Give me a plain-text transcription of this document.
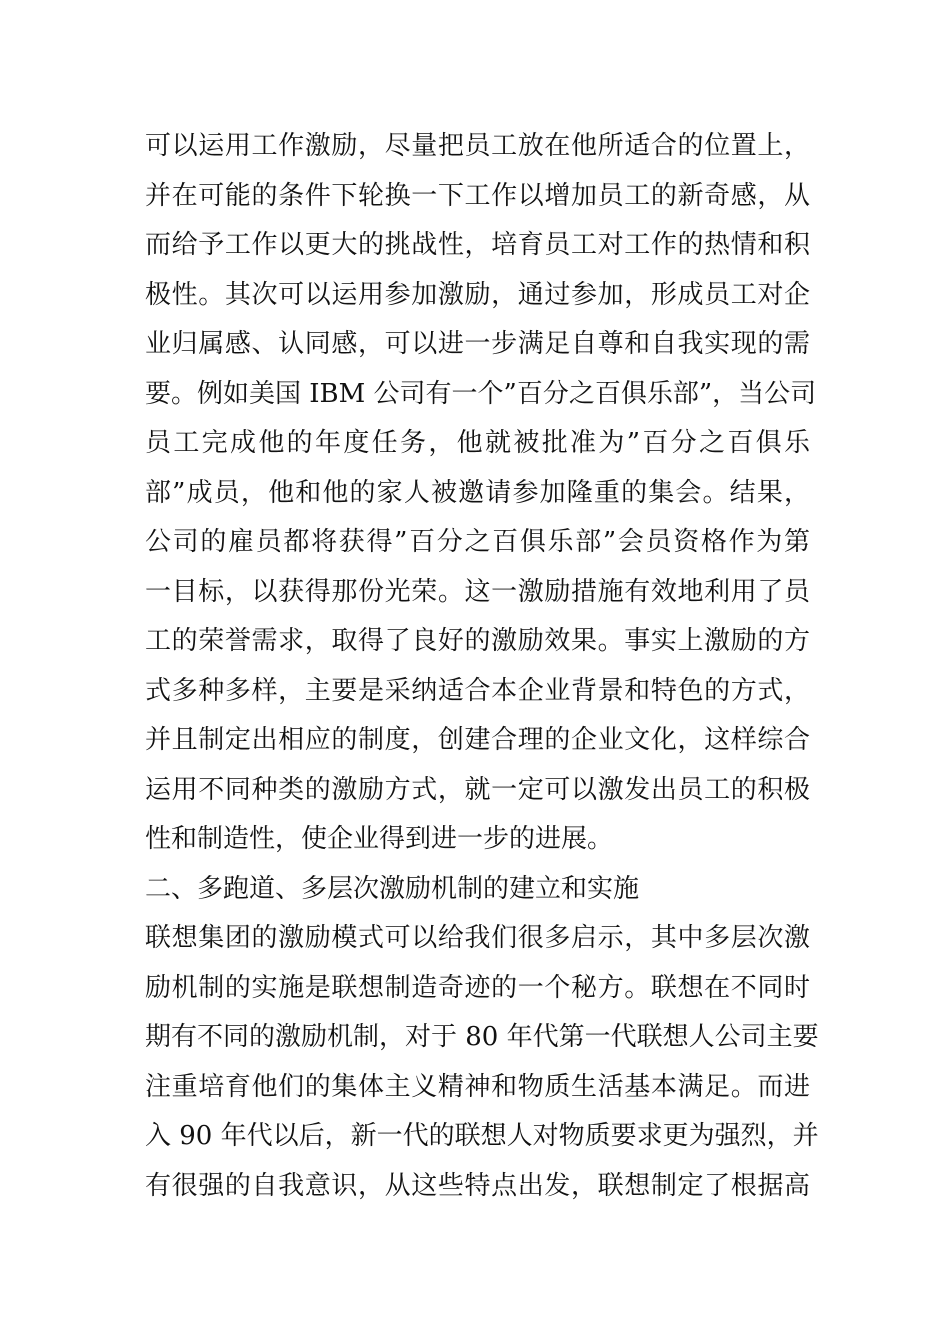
可以运用工作激励，尽量把员工放在他所适合的位置上，
并在可能的条件下轮换一下工作以增加员工的新奇感，从
而给予工作以更大的挑战性，培育员工对工作的热情和积
极性。其次可以运用参加激励，通过参加，形成员工对企
业归属感、认同感，可以进一步满足自尊和自我实现的需
要。例如美国 IBM 公司有一个”百分之百俱乐部”，当公司
员工完成他的年度任务，他就被批准为”百分之百俱乐
部”成员，他和他的家人被邀请参加隆重的集会。结果，
公司的雇员都将获得”百分之百俱乐部”会员资格作为第
一目标，以获得那份光荣。这一激励措施有效地利用了员
工的荣誉需求，取得了良好的激励效果。事实上激励的方
式多种多样，主要是采纳适合本企业背景和特色的方式，
并且制定出相应的制度，创建合理的企业文化，这样综合
运用不同种类的激励方式，就一定可以激发出员工的积极
性和制造性，使企业得到进一步的进展。
二、多跑道、多层次激励机制的建立和实施
联想集团的激励模式可以给我们很多启示，其中多层次激
励机制的实施是联想制造奇迹的一个秘方。联想在不同时
期有不同的激励机制，对于 80 年代第一代联想人公司主要
注重培育他们的集体主义精神和物质生活基本满足。而进
入 90 年代以后，新一代的联想人对物质要求更为强烈，并
有很强的自我意识，从这些特点出发，联想制定了根据高
